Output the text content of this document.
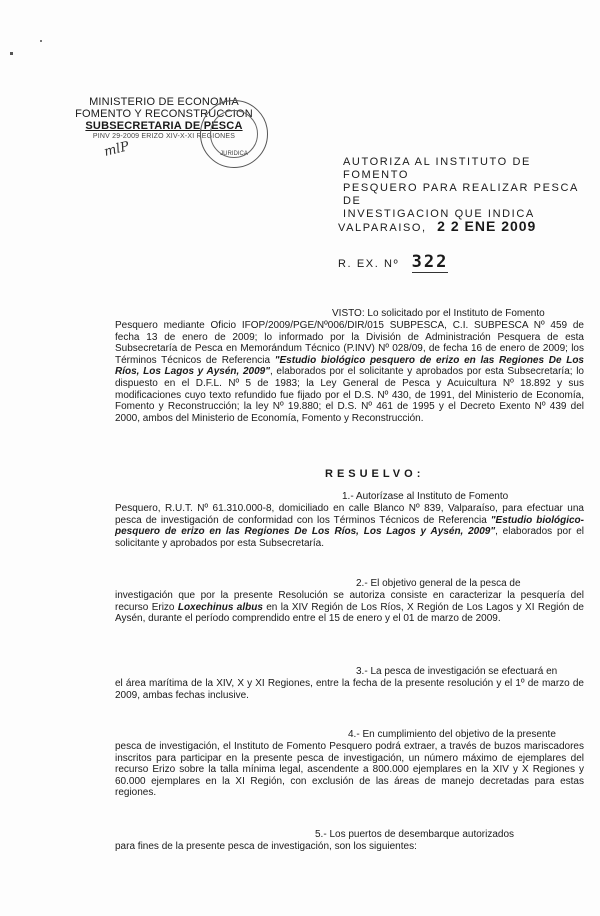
MINISTERIO DE ECONOMIA
FOMENTO Y RECONSTRUCCION
SUBSECRETARIA DE PESCA
PINV 29-2009 ERIZO XIV-X-XI REGIONES
JURIDICA
mlP
AUTORIZA AL INSTITUTO DE FOMENTO
PESQUERO PARA REALIZAR PESCA DE
INVESTIGACION QUE INDICA
VALPARAISO, 2 2 ENE 2009
R. EX. Nº 322
VISTO: Lo solicitado por el Instituto de Fomento
Pesquero mediante Oficio IFOP/2009/PGE/Nº006/DIR/015 SUBPESCA, C.I. SUBPESCA Nº 459 de fecha 13 de enero de 2009; lo informado por la División de Administración Pesquera de esta Subsecretaría de Pesca en Memorándum Técnico (P.INV) Nº 028/09, de fecha 16 de enero de 2009; los Términos Técnicos de Referencia "Estudio biológico pesquero de erizo en las Regiones De Los Ríos, Los Lagos y Aysén, 2009", elaborados por el solicitante y aprobados por esta Subsecretaría; lo dispuesto en el D.F.L. Nº 5 de 1983; la Ley General de Pesca y Acuicultura Nº 18.892 y sus modificaciones cuyo texto refundido fue fijado por el D.S. Nº 430, de 1991, del Ministerio de Economía, Fomento y Reconstrucción; la ley Nº 19.880; el D.S. Nº 461 de 1995 y el Decreto Exento Nº 439 del 2000, ambos del Ministerio de Economía, Fomento y Reconstrucción.
RESUELVO:
1.- Autorízase al Instituto de Fomento
Pesquero, R.U.T. Nº 61.310.000-8, domiciliado en calle Blanco Nº 839, Valparaíso, para efectuar una pesca de investigación de conformidad con los Términos Técnicos de Referencia "Estudio biológico-pesquero de erizo en las Regiones De Los Ríos, Los Lagos y Aysén, 2009", elaborados por el solicitante y aprobados por esta Subsecretaría.
2.- El objetivo general de la pesca de
investigación que por la presente Resolución se autoriza consiste en caracterizar la pesquería del recurso Erizo Loxechinus albus en la XIV Región de Los Ríos, X Región de Los Lagos y XI Región de Aysén, durante el período comprendido entre el 15 de enero y el 01 de marzo de 2009.
3.- La pesca de investigación se efectuará en
el área marítima de la XIV, X y XI Regiones, entre la fecha de la presente resolución y el 1º de marzo de 2009, ambas fechas inclusive.
4.- En cumplimiento del objetivo de la presente
pesca de investigación, el Instituto de Fomento Pesquero podrá extraer, a través de buzos mariscadores inscritos para participar en la presente pesca de investigación, un número máximo de ejemplares del recurso Erizo sobre la talla mínima legal, ascendente a 800.000 ejemplares en la XIV y X Regiones y 60.000 ejemplares en la XI Región, con exclusión de las áreas de manejo decretadas para estas regiones.
5.- Los puertos de desembarque autorizados
para fines de la presente pesca de investigación, son los siguientes:
